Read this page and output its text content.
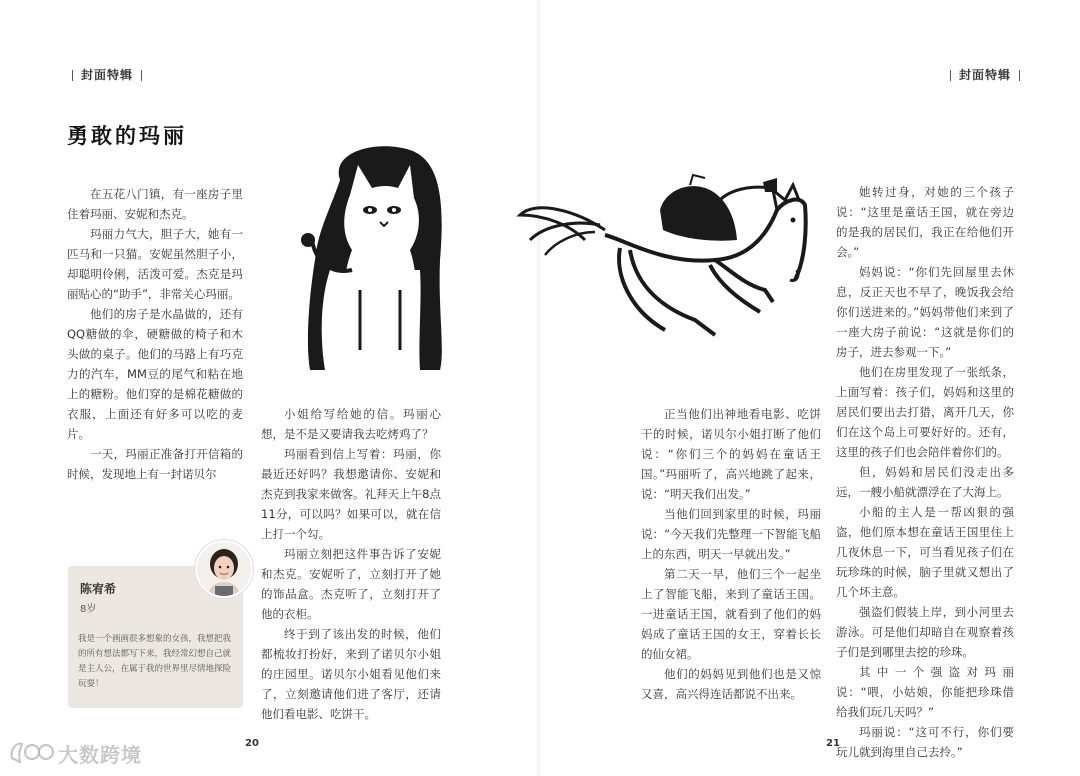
封面特辑
勇敢的玛丽

在五花八门镇，有一座房子里住着玛丽、安妮和杰克。

玛丽力气大，胆子大，她有一匹马和一只猫。安妮虽然胆子小，却聪明伶俐，活泼可爱。杰克是玛丽贴心的“助手”，非常关心玛丽。

他们的房子是水晶做的，还有QQ糖做的伞，硬糖做的椅子和木头做的桌子。他们的马路上有巧克力的汽车，MM豆的尾气和粘在地上的糖粉。他们穿的是棉花糖做的衣服，上面还有好多可以吃的麦片。

一天，玛丽正准备打开信箱的时候，发现地上有一封诺贝尔

小姐给写给她的信。玛丽心想，是不是又要请我去吃烤鸡了？

玛丽看到信上写着：玛丽，你最近还好吗？我想邀请你、安妮和杰克到我家来做客。礼拜天上午8点11分，可以吗？如果可以，就在信上打一个勾。

玛丽立刻把这件事告诉了安妮和杰克。安妮听了，立刻打开了她的饰品盒。杰克听了，立刻打开了他的衣柜。

终于到了该出发的时候，他们都梳妆打扮好，来到了诺贝尔小姐的庄园里。诺贝尔小姐看见他们来了，立刻邀请他们进了客厅，还请他们看电影、吃饼干。

陈宥希
8岁
我是一个画画很多想象的女孩，我想把我的所有想法都写下来，我经常幻想自己就是主人公，在属于我的世界里尽情地探险玩耍！
20
大数跨境
封面特辑

正当他们出神地看电影、吃饼干的时候，诺贝尔小姐打断了他们说：“你们三个的妈妈在童话王国。”玛丽听了，高兴地跳了起来，说：“明天我们出发。”

当他们回到家里的时候，玛丽说：“今天我们先整理一下智能飞船上的东西，明天一早就出发。”

第二天一早，他们三个一起坐上了智能飞船，来到了童话王国。一进童话王国，就看到了他们的妈妈成了童话王国的女王，穿着长长的仙女裙。

他们的妈妈见到他们也是又惊又喜，高兴得连话都说不出来。

她转过身，对她的三个孩子说：“这里是童话王国，就在旁边的是我的居民们，我正在给他们开会。”

妈妈说：“你们先回屋里去休息，反正天也不早了，晚饭我会给你们送进来的。”妈妈带他们来到了一座大房子前说：“这就是你们的房子，进去参观一下。”

他们在房里发现了一张纸条，上面写着：孩子们，妈妈和这里的居民们要出去打猎，离开几天，你们在这个岛上可要好好的。还有，这里的孩子们也会陪伴着你们的。

但，妈妈和居民们没走出多远，一艘小船就漂浮在了大海上。

小船的主人是一帮凶狠的强盗，他们原本想在童话王国里住上几夜休息一下，可当看见孩子们在玩珍珠的时候，脑子里就又想出了几个坏主意。

强盗们假装上岸，到小河里去游泳。可是他们却暗自在观察着孩子们是到哪里去挖的珍珠。

其中一个强盗对玛丽说：“喂，小姑娘，你能把珍珠借给我们玩几天吗？”

玛丽说：“这可不行，你们要玩儿就到海里自己去拎。”

21
